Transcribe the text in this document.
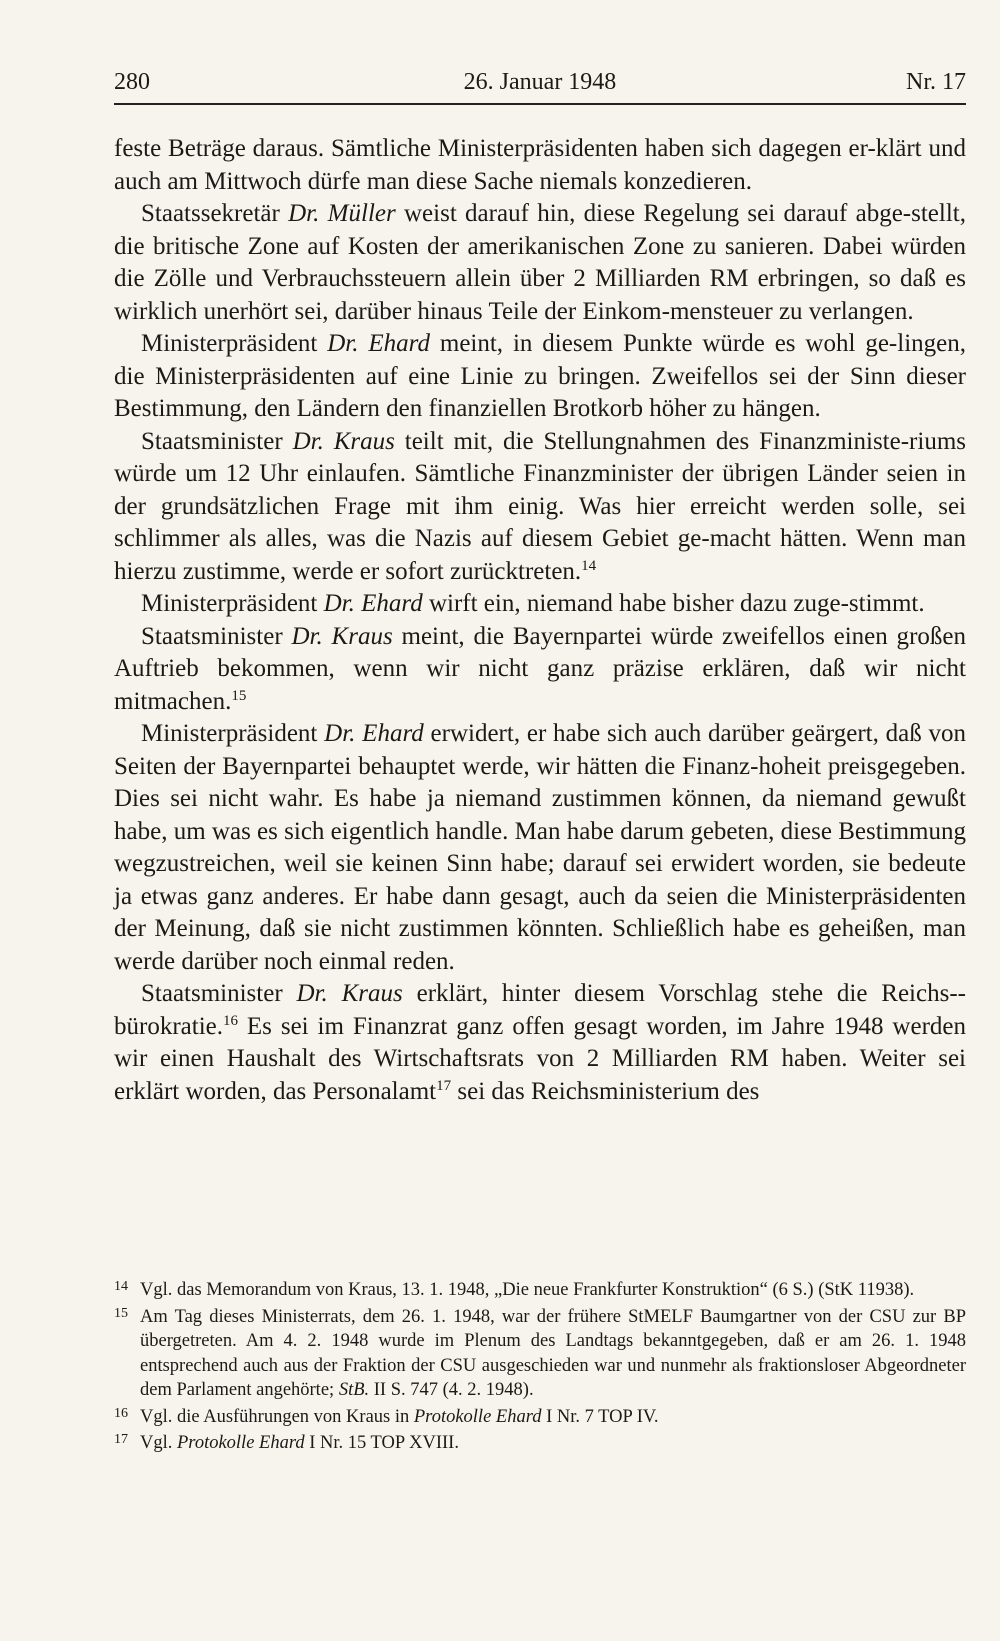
280	26. Januar 1948	Nr. 17

feste Beträge daraus. Sämtliche Ministerpräsidenten haben sich dagegen er-klärt und auch am Mittwoch dürfe man diese Sache niemals konzedieren.

Staatssekretär Dr. Müller weist darauf hin, diese Regelung sei darauf abge-stellt, die britische Zone auf Kosten der amerikanischen Zone zu sanieren. Dabei würden die Zölle und Verbrauchssteuern allein über 2 Milliarden RM erbringen, so daß es wirklich unerhört sei, darüber hinaus Teile der Einkom-mensteuer zu verlangen.

Ministerpräsident Dr. Ehard meint, in diesem Punkte würde es wohl ge-lingen, die Ministerpräsidenten auf eine Linie zu bringen. Zweifellos sei der Sinn dieser Bestimmung, den Ländern den finanziellen Brotkorb höher zu hängen.

Staatsminister Dr. Kraus teilt mit, die Stellungnahmen des Finanzministe-riums würde um 12 Uhr einlaufen. Sämtliche Finanzminister der übrigen Länder seien in der grundsätzlichen Frage mit ihm einig. Was hier erreicht werden solle, sei schlimmer als alles, was die Nazis auf diesem Gebiet ge-macht hätten. Wenn man hierzu zustimme, werde er sofort zurücktreten.$^{14}$

Ministerpräsident Dr. Ehard wirft ein, niemand habe bisher dazu zuge-stimmt.

Staatsminister Dr. Kraus meint, die Bayernpartei würde zweifellos einen großen Auftrieb bekommen, wenn wir nicht ganz präzise erklären, daß wir nicht mitmachen.$^{15}$

Ministerpräsident Dr. Ehard erwidert, er habe sich auch darüber geärgert, daß von Seiten der Bayernpartei behauptet werde, wir hätten die Finanz-hoheit preisgegeben. Dies sei nicht wahr. Es habe ja niemand zustimmen können, da niemand gewußt habe, um was es sich eigentlich handle. Man habe darum gebeten, diese Bestimmung wegzustreichen, weil sie keinen Sinn habe; darauf sei erwidert worden, sie bedeute ja etwas ganz anderes. Er habe dann gesagt, auch da seien die Ministerpräsidenten der Meinung, daß sie nicht zustimmen könnten. Schließlich habe es geheißen, man werde darüber noch einmal reden.

Staatsminister Dr. Kraus erklärt, hinter diesem Vorschlag stehe die Reichs-bürokratie.$^{16}$ Es sei im Finanzrat ganz offen gesagt worden, im Jahre 1948 werden wir einen Haushalt des Wirtschaftsrats von 2 Milliarden RM haben. Weiter sei erklärt worden, das Personalamt$^{17}$ sei das Reichsministerium des

14 Vgl. das Memorandum von Kraus, 13. 1. 1948, „Die neue Frankfurter Konstruktion“ (6 S.) (StK 11938).
15 Am Tag dieses Ministerrats, dem 26. 1. 1948, war der frühere StMELF Baumgartner von der CSU zur BP übergetreten. Am 4. 2. 1948 wurde im Plenum des Landtags bekanntgegeben, daß er am 26. 1. 1948 entsprechend auch aus der Fraktion der CSU ausgeschieden war und nunmehr als fraktionsloser Abgeordneter dem Parlament angehörte; StB. II S. 747 (4. 2. 1948).
16 Vgl. die Ausführungen von Kraus in Protokolle Ehard I Nr. 7 TOP IV.
17 Vgl. Protokolle Ehard I Nr. 15 TOP XVIII.
